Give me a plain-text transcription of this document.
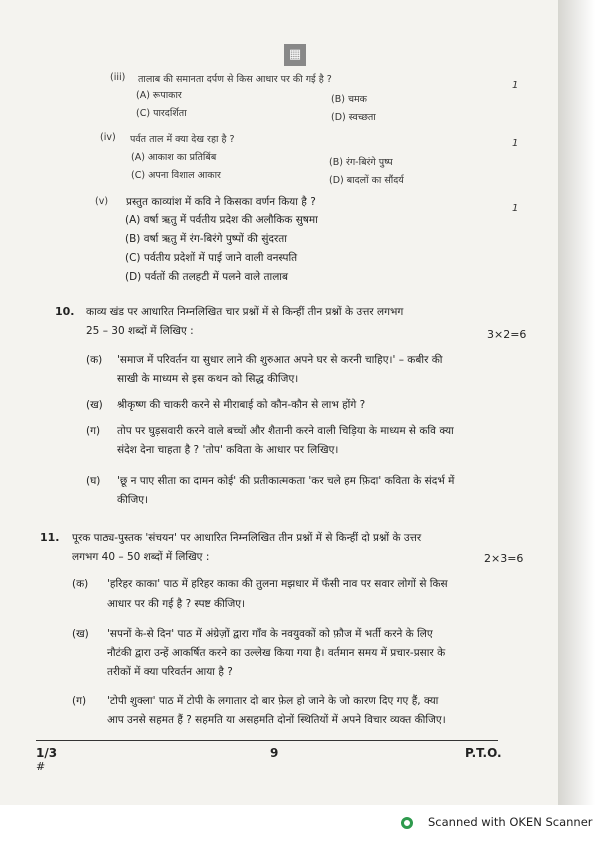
▦
(iii) तालाब की समानता दर्पण से किस आधार पर की गई है ?
1
(A) रूपाकार	(B) चमक
(C) पारदर्शिता	(D) स्वच्छता
(iv) पर्वत ताल में क्या देख रहा है ?	1
(A) आकाश का प्रतिबिंब	(B) रंग-बिरंगे पुष्प
(C) अपना विशाल आकार	(D) बादलों का सौंदर्य
(v) प्रस्तुत काव्यांश में कवि ने किसका वर्णन किया है ?
1
(A) वर्षा ऋतु में पर्वतीय प्रदेश की अलौकिक सुषमा
(B) वर्षा ऋतु में रंग-बिरंगे पुष्पों की सुंदरता
(C) पर्वतीय प्रदेशों में पाई जाने वाली वनस्पति
(D) पर्वतों की तलहटी में पलने वाले तालाब
10. काव्य खंड पर आधारित निम्नलिखित चार प्रश्नों में से किन्हीं तीन प्रश्नों के उत्तर लगभग
25 – 30 शब्दों में लिखिए :	3×2=6
(क) 'समाज में परिवर्तन या सुधार लाने की शुरुआत अपने घर से करनी चाहिए।' – कबीर की
साखी के माध्यम से इस कथन को सिद्ध कीजिए।
(ख) श्रीकृष्ण की चाकरी करने से मीराबाई को कौन-कौन से लाभ होंगे ?
(ग) तोप पर घुड़सवारी करने वाले बच्चों और शैतानी करने वाली चिड़िया के माध्यम से कवि क्या
संदेश देना चाहता है ? 'तोप' कविता के आधार पर लिखिए।
(घ) 'छू न पाए सीता का दामन कोई' की प्रतीकात्मकता 'कर चले हम फ़िदा' कविता के संदर्भ में
कीजिए।
11. पूरक पाठ्य-पुस्तक 'संचयन' पर आधारित निम्नलिखित तीन प्रश्नों में से किन्हीं दो प्रश्नों के उत्तर
लगभग 40 – 50 शब्दों में लिखिए :	2×3=6
(क) 'हरिहर काका' पाठ में हरिहर काका की तुलना मझधार में फँसी नाव पर सवार लोगों से किस
आधार पर की गई है ? स्पष्ट कीजिए।
(ख) 'सपनों के-से दिन' पाठ में अंग्रेज़ों द्वारा गाँव के नवयुवकों को फ़ौज में भर्ती करने के लिए
नौटंकी द्वारा उन्हें आकर्षित करने का उल्लेख किया गया है। वर्तमान समय में प्रचार-प्रसार के
तरीकों में क्या परिवर्तन आया है ?
(ग) 'टोपी शुक्ला' पाठ में टोपी के लगातार दो बार फ़ेल हो जाने के जो कारण दिए गए हैं, क्या
आप उनसे सहमत हैं ? सहमति या असहमति दोनों स्थितियों में अपने विचार व्यक्त कीजिए।
1/3
#
9	P.T.O.
Scanned with OKEN Scanner
